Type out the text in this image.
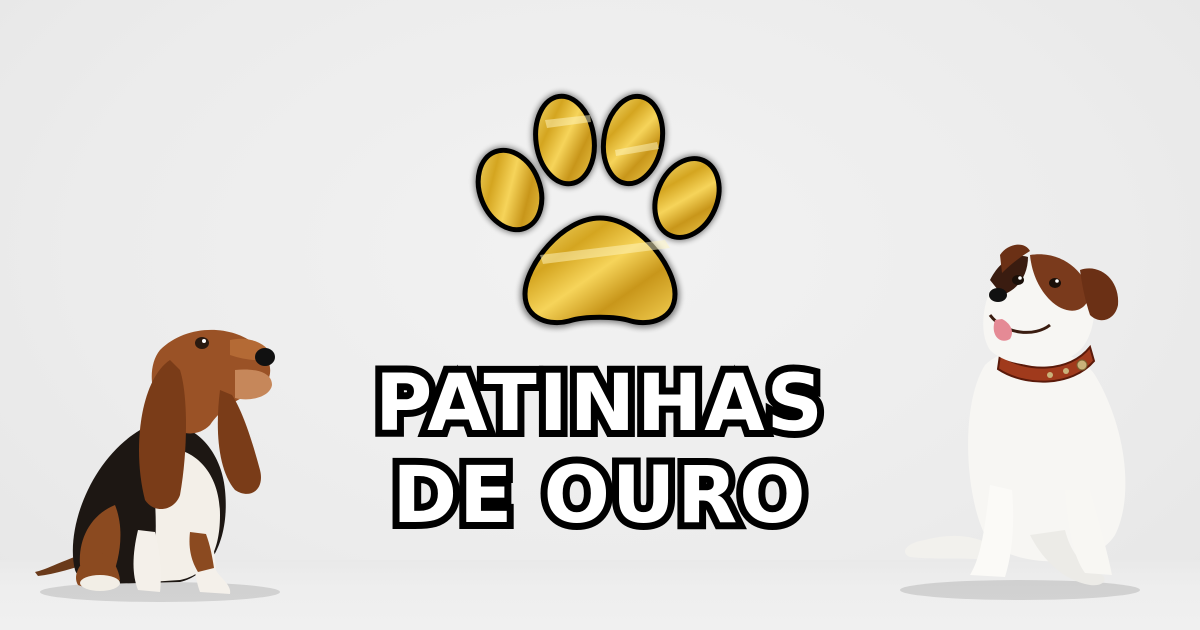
PATINHAS
DE OURO
